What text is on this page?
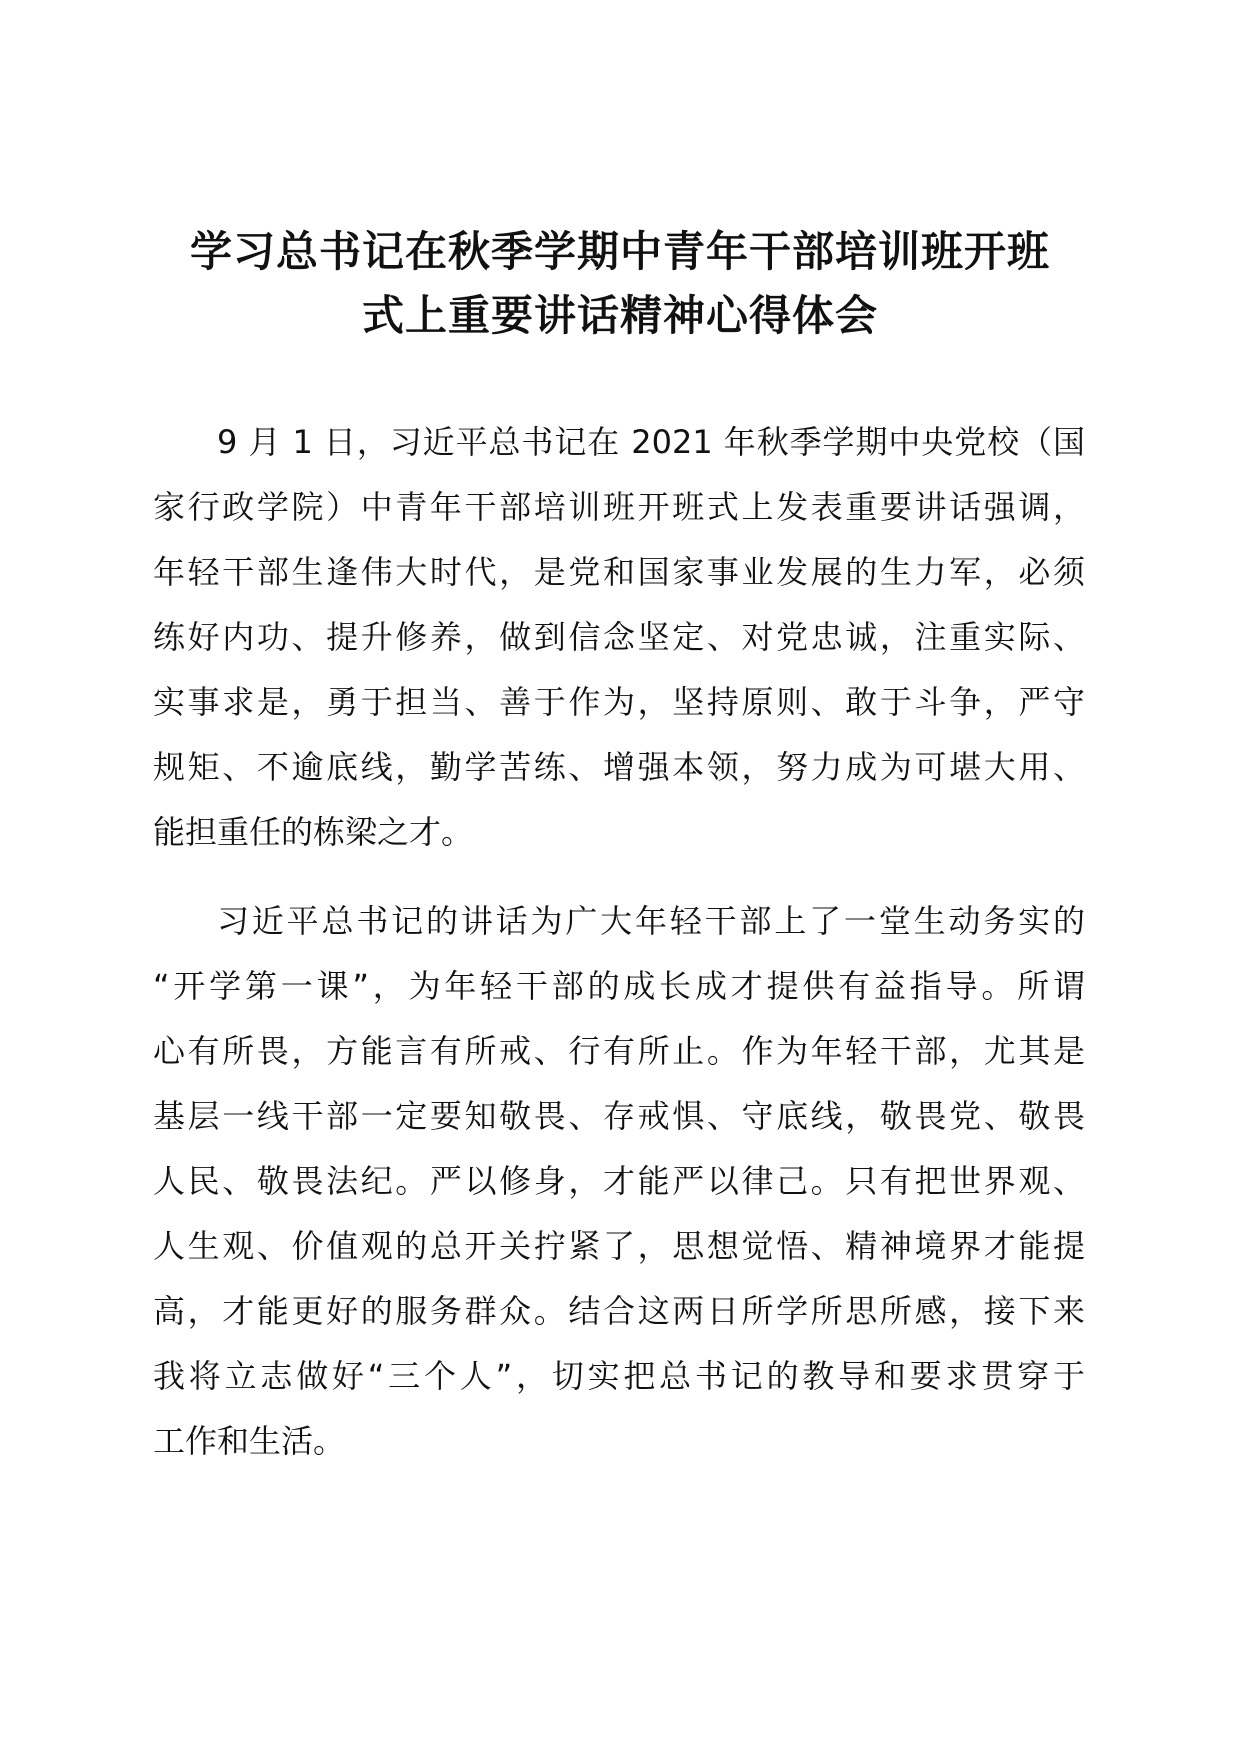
学习总书记在秋季学期中青年干部培训班开班
式上重要讲话精神心得体会

9 月 1 日，习近平总书记在 2021 年秋季学期中央党校（国
家行政学院）中青年干部培训班开班式上发表重要讲话强调，
年轻干部生逢伟大时代，是党和国家事业发展的生力军，必须
练好内功、提升修养，做到信念坚定、对党忠诚，注重实际、
实事求是，勇于担当、善于作为，坚持原则、敢于斗争，严守
规矩、不逾底线，勤学苦练、增强本领，努力成为可堪大用、
能担重任的栋梁之才。

习近平总书记的讲话为广大年轻干部上了一堂生动务实的
“开学第一课”，为年轻干部的成长成才提供有益指导。所谓
心有所畏，方能言有所戒、行有所止。作为年轻干部，尤其是
基层一线干部一定要知敬畏、存戒惧、守底线，敬畏党、敬畏
人民、敬畏法纪。严以修身，才能严以律己。只有把世界观、
人生观、价值观的总开关拧紧了，思想觉悟、精神境界才能提
高，才能更好的服务群众。结合这两日所学所思所感，接下来
我将立志做好“三个人”，切实把总书记的教导和要求贯穿于
工作和生活。
